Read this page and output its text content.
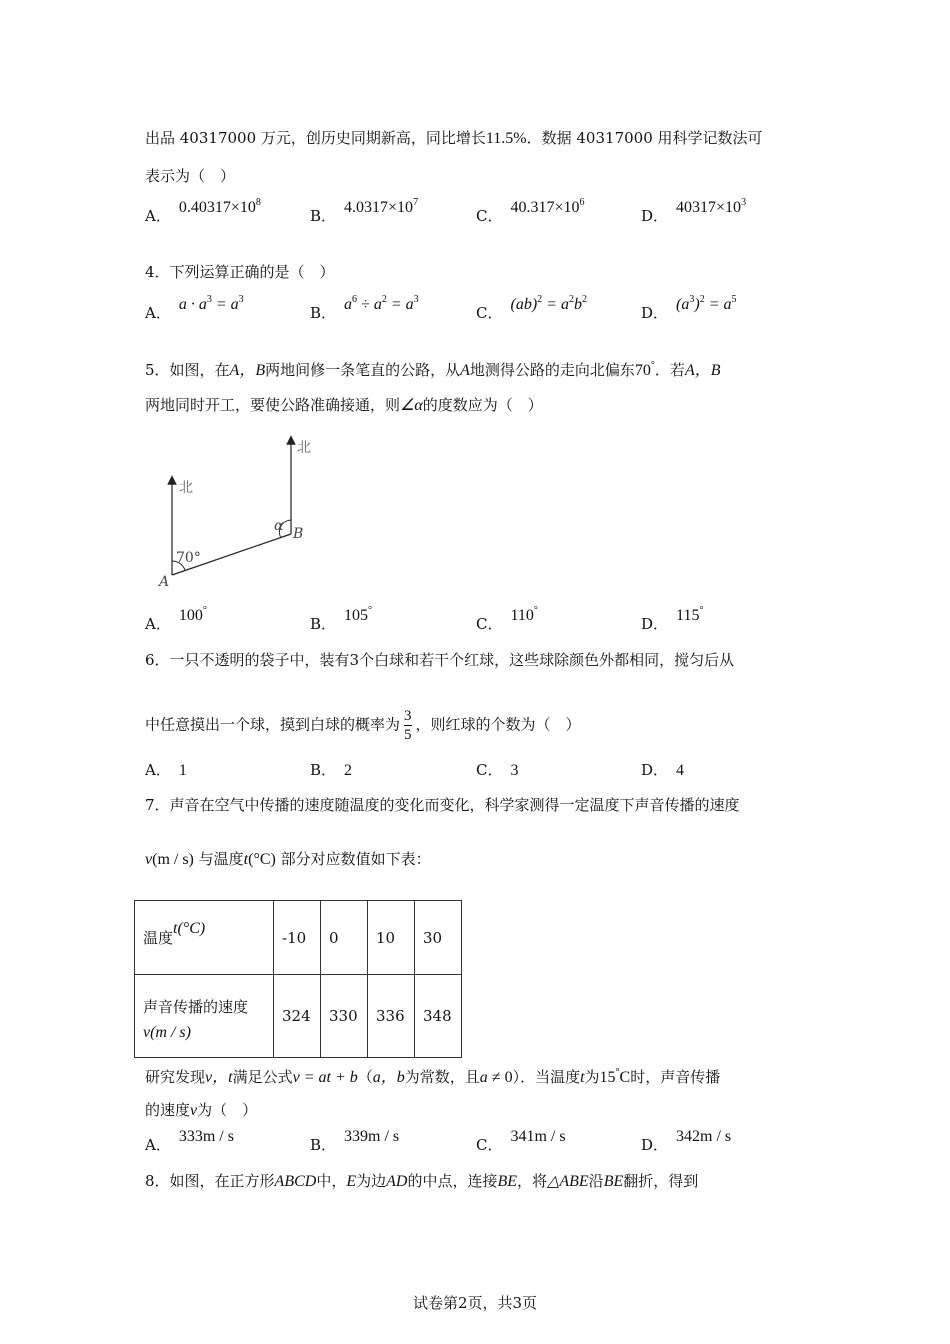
出品 40317000 万元，创历史同期新高，同比增长11.5%．数据 40317000 用科学记数法可
表示为（　）
A． $0.40317\times 10^8$
B． $4.0317\times 10^7$
C． $40.317\times 10^6$
D． $40317\times 10^3$
4．下列运算正确的是（　）
A． $a \cdot a^3 = a^3$
B． $a^6 \div a^2 = a^3$
C． $(ab)^2 = a^2b^2$
D． $(a^3)^2 = a^5$
5．如图，在A，B两地间修一条笔直的公路，从A地测得公路的走向北偏东70°．若A，B
两地同时开工，要使公路准确接通，则∠α的度数应为（　）
北
北
70°
α
A
B
A． 100°
B． 105°
C． 110°
D． 115°
6．一只不透明的袋子中，装有3个白球和若干个红球，这些球除颜色外都相同，搅匀后从
中任意摸出一个球，摸到白球的概率为 $\frac{3}{5}$ ，则红球的个数为（　）
A． 1	B． 2	C． 3	D． 4
7．声音在空气中传播的速度随温度的变化而变化，科学家测得一定温度下声音传播的速度
v(m / s) 与温度t(°C) 部分对应数值如下表：
温度t(°C)	-10	0	10	30

声音传播的速度
v(m / s)	324	330	336	348
研究发现v，t满足公式v = at + b（a，b为常数，且a ≠ 0）．当温度t为15°C时，声音传播
的速度v为（　）
A． 333m / s	B． 339m / s	C． 341m / s	D． 342m / s
8．如图，在正方形ABCD中，E为边AD的中点，连接BE，将△ABE沿BE翻折，得到
试卷第2页，共3页
